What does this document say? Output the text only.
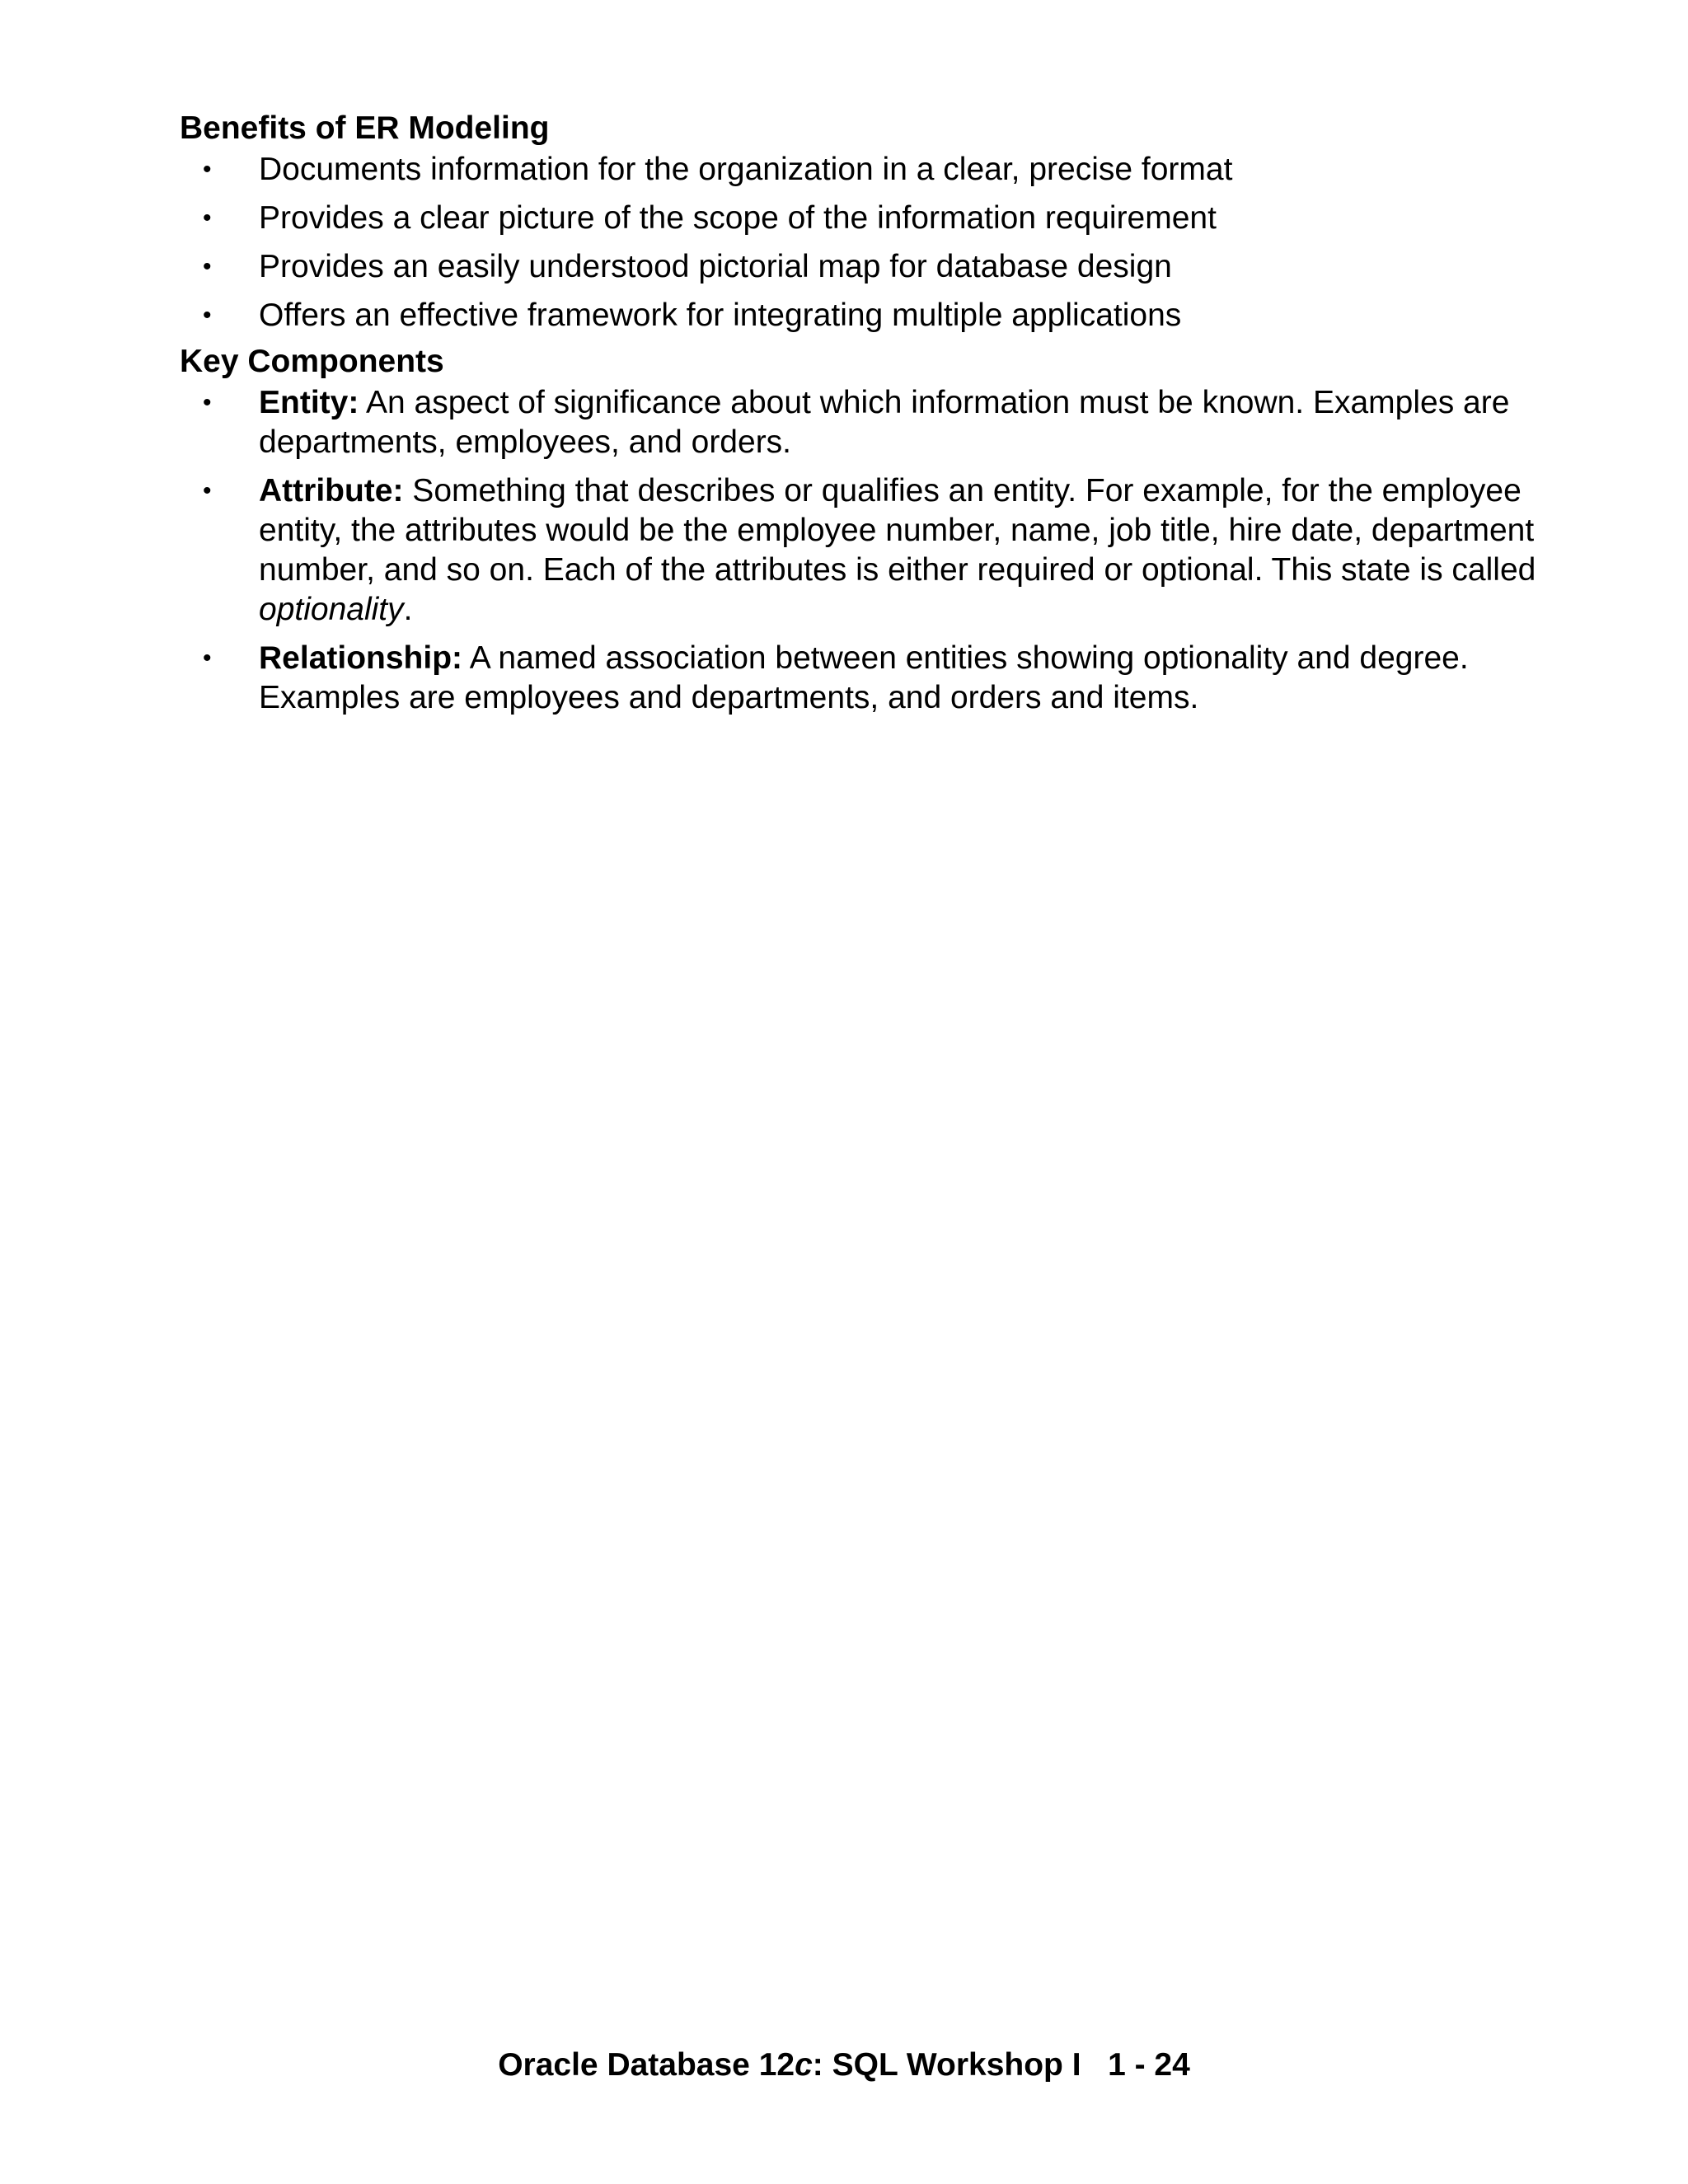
Benefits of ER Modeling
• Documents information for the organization in a clear, precise format
• Provides a clear picture of the scope of the information requirement
• Provides an easily understood pictorial map for database design
• Offers an effective framework for integrating multiple applications
Key Components
• Entity: An aspect of significance about which information must be known. Examples are departments, employees, and orders.
• Attribute: Something that describes or qualifies an entity. For example, for the employee entity, the attributes would be the employee number, name, job title, hire date, department number, and so on. Each of the attributes is either required or optional. This state is called optionality.
• Relationship: A named association between entities showing optionality and degree. Examples are employees and departments, and orders and items.
Oracle Database 12c: SQL Workshop I 1 - 24
